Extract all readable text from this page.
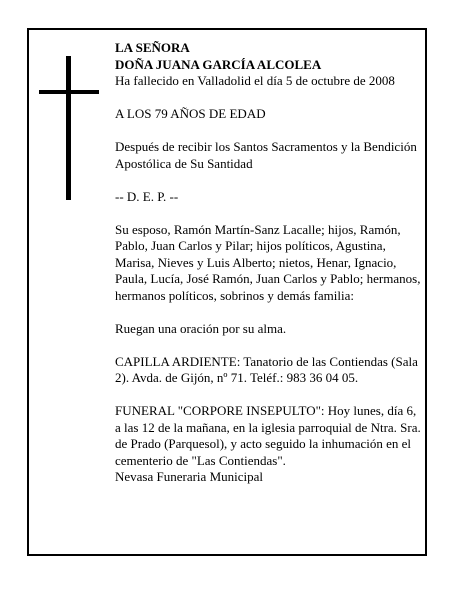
LA SEÑORA

DOÑA JUANA GARCÍA ALCOLEA

Ha fallecido en Valladolid el día 5 de octubre de 2008

A LOS 79 AÑOS DE EDAD

Después de recibir los Santos Sacramentos y la Bendición Apostólica de Su Santidad

-- D. E. P. --

Su esposo, Ramón Martín-Sanz Lacalle; hijos, Ramón, Pablo, Juan Carlos y Pilar; hijos políticos, Agustina, Marisa, Nieves y Luis Alberto; nietos, Henar, Ignacio, Paula, Lucía, José Ramón, Juan Carlos y Pablo; hermanos, hermanos políticos, sobrinos y demás familia:

Ruegan una oración por su alma.

CAPILLA ARDIENTE: Tanatorio de las Contiendas (Sala 2). Avda. de Gijón, nº 71. Teléf.: 983 36 04 05.

FUNERAL "CORPORE INSEPULTO": Hoy lunes, día 6, a las 12 de la mañana, en la iglesia parroquial de Ntra. Sra. de Prado (Parquesol), y acto seguido la inhumación en el cementerio de "Las Contiendas".

Nevasa Funeraria Municipal
